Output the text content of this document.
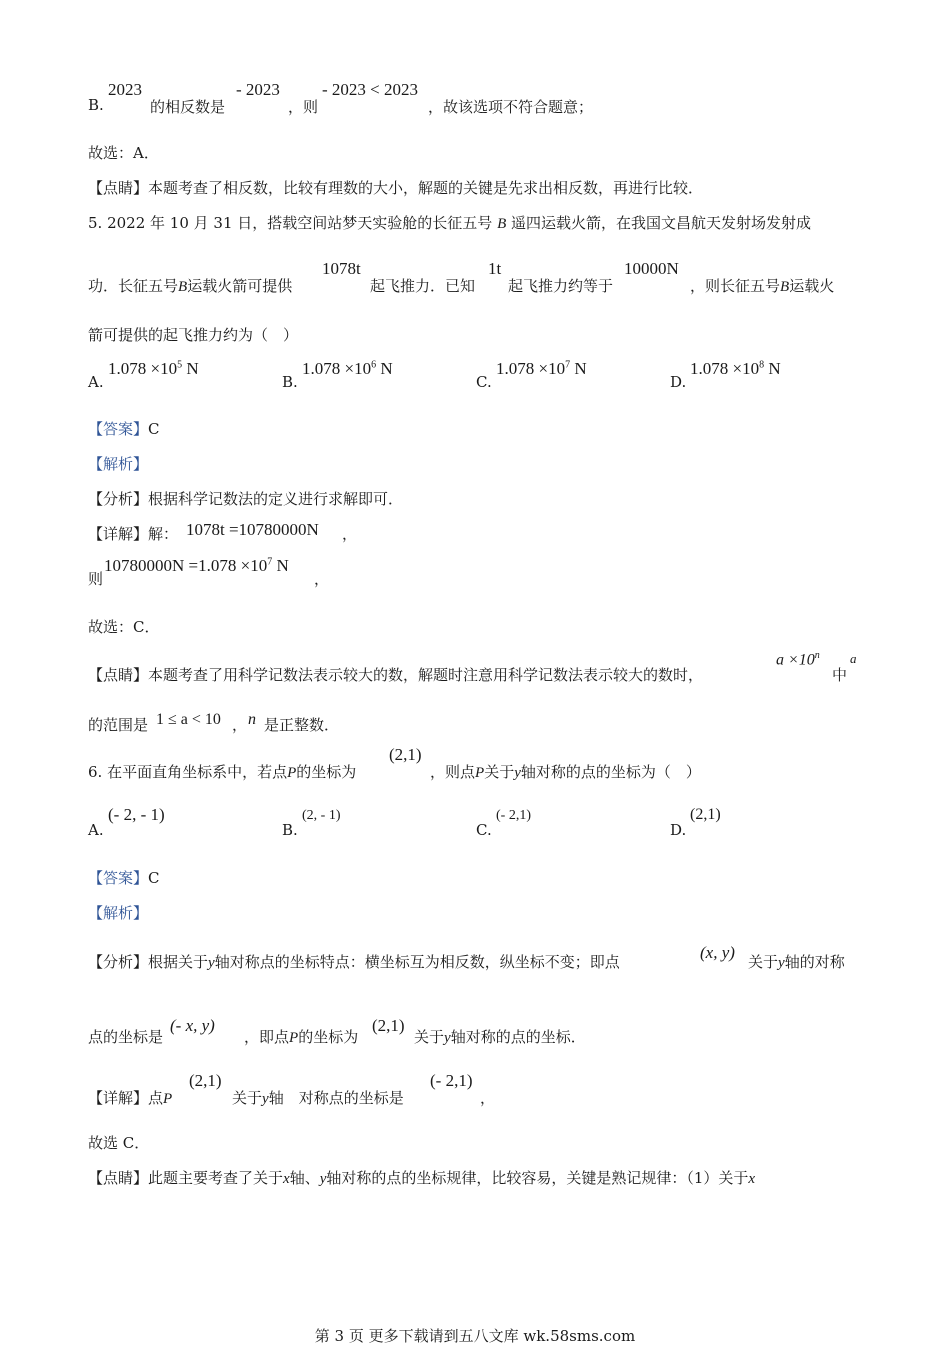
B.
2023
的相反数是
- 2023
，则
- 2023 < 2023
，故该选项不符合题意；
故选：A．
【点睛】本题考查了相反数，比较有理数的大小，解题的关键是先求出相反数，再进行比较．
5. 2022 年 10 月 31 日，搭载空间站梦天实验舱的长征五号 B 遥四运载火箭，在我国文昌航天发射场发射成
功．长征五号B运载火箭可提供
1078t
起飞推力．已知
1t
起飞推力约等于
10000N
，则长征五号B运载火
箭可提供的起飞推力约为（　）
A.
$1.078 \times 10^5$ N
B.
$1.078 \times 10^6$ N
C.
$1.078 \times 10^7$ N
D.
$1.078 \times 10^8$ N
【答案】C
【解析】
【分析】根据科学记数法的定义进行求解即可．
【详解】解： 1078t =10780000N ，
则
$10780000N =1.078 \times 10^7$ N
，
故选：C．
【点睛】本题考查了用科学记数法表示较大的数，解题时注意用科学记数法表示较大的数时，
$a \times 10^n$
中
a
的范围是 1 ≤ a < 10 ， n 是正整数．
6. 在平面直角坐标系中，若点P的坐标为
(2,1)
，则点P关于y轴对称的点的坐标为（　）
A.
(- 2, - 1)
B.
(2, - 1)
C.
(- 2,1)
D.
(2,1)
【答案】C
【解析】
【分析】根据关于y轴对称点的坐标特点：横坐标互为相反数，纵坐标不变；即点	(x, y) 关于y轴的对称
点的坐标是
(- x, y)
，即点P的坐标为
(2,1)
关于y轴对称的点的坐标．
【详解】点P
(2,1)
关于y轴　对称点的坐标是
(- 2,1)
，
故选 C．
【点睛】此题主要考查了关于x轴、y轴对称的点的坐标规律，比较容易，关键是熟记规律：（1）关于x
第 3 页 更多下载请到五八文库 wk.58sms.com
